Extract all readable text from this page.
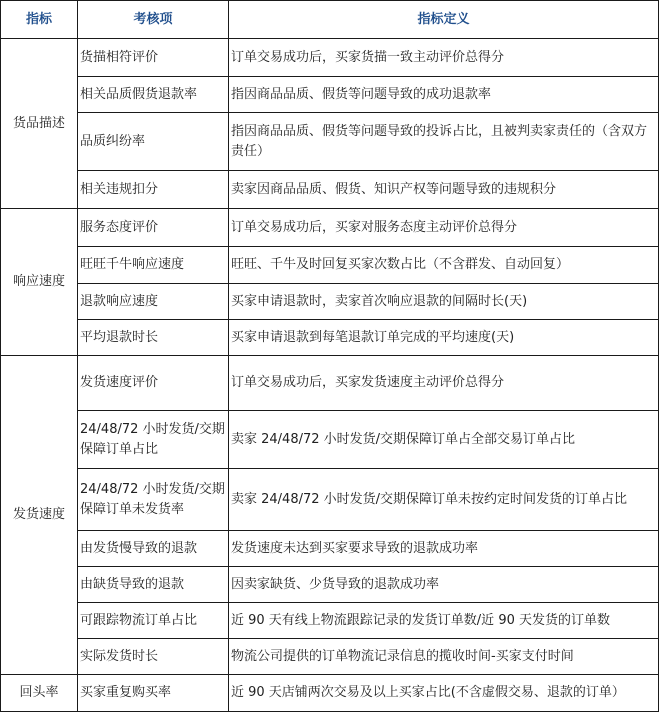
指标	考核项	指标定义
货品描述	货描相符评价	订单交易成功后，买家货描一致主动评价总得分
	相关品质假货退款率	指因商品品质、假货等问题导致的成功退款率
	品质纠纷率	指因商品品质、假货等问题导致的投诉占比，且被判卖家责任的（含双方责任）
	相关违规扣分	卖家因商品品质、假货、知识产权等问题导致的违规积分
响应速度	服务态度评价	订单交易成功后，买家对服务态度主动评价总得分
	旺旺千牛响应速度	旺旺、千牛及时回复买家次数占比（不含群发、自动回复）
	退款响应速度	买家申请退款时，卖家首次响应退款的间隔时长(天)
	平均退款时长	买家申请退款到每笔退款订单完成的平均速度(天)
发货速度	发货速度评价	订单交易成功后，买家发货速度主动评价总得分
	24/48/72 小时发货/交期保障订单占比	卖家 24/48/72 小时发货/交期保障订单占全部交易订单占比
	24/48/72 小时发货/交期保障订单未发货率	卖家 24/48/72 小时发货/交期保障订单未按约定时间发货的订单占比
	由发货慢导致的退款	发货速度未达到买家要求导致的退款成功率
	由缺货导致的退款	因卖家缺货、少货导致的退款成功率
	可跟踪物流订单占比	近 90 天有线上物流跟踪记录的发货订单数/近 90 天发货的订单数
	实际发货时长	物流公司提供的订单物流记录信息的揽收时间-买家支付时间
回头率	买家重复购买率	近 90 天店铺两次交易及以上买家占比(不含虚假交易、退款的订单）
